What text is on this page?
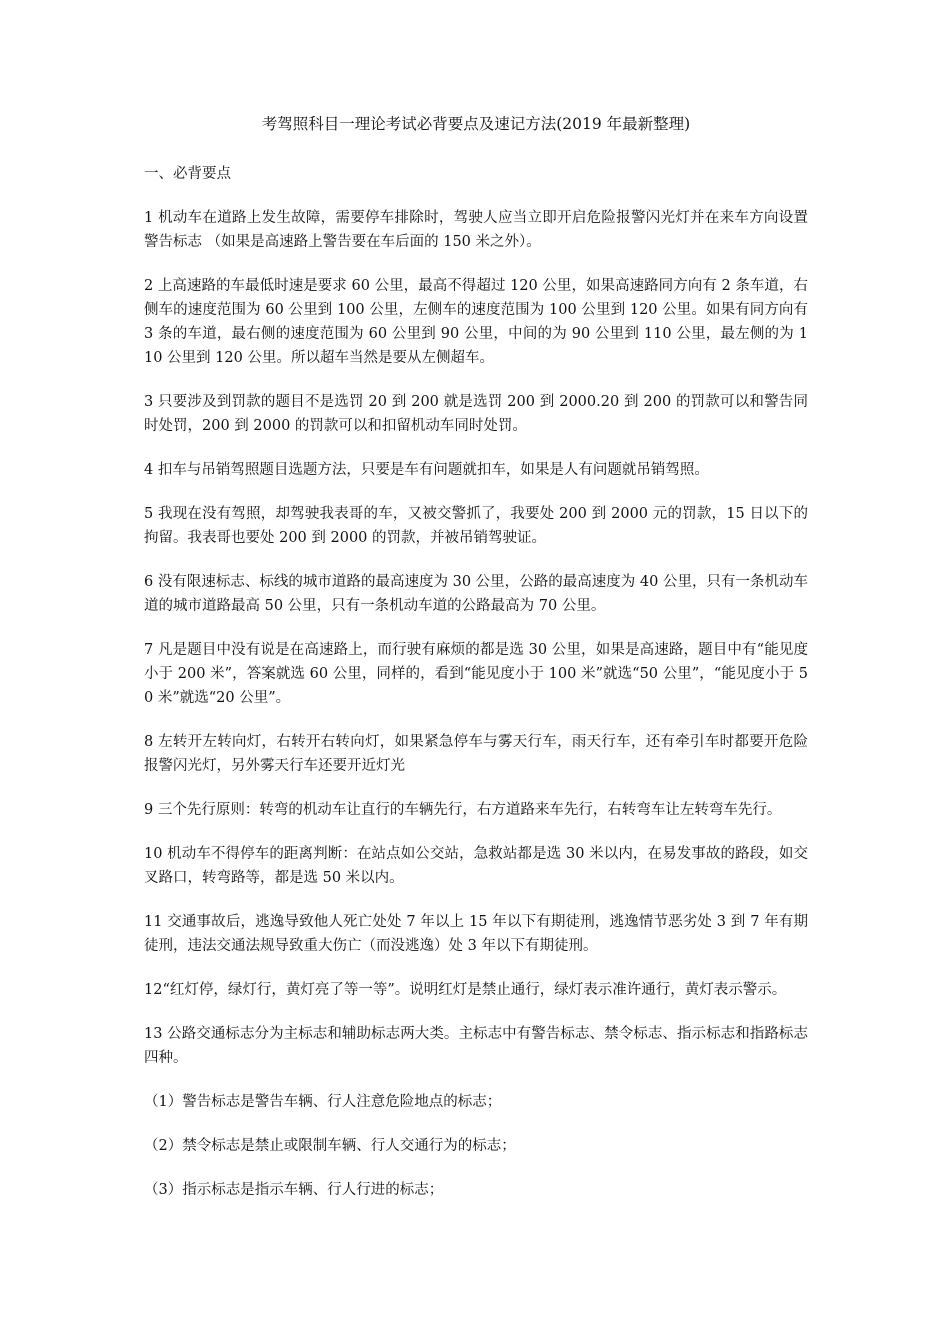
考驾照科目一理论考试必背要点及速记方法(2019 年最新整理)
一、必背要点
1 机动车在道路上发生故障，需要停车排除时，驾驶人应当立即开启危险报警闪光灯并在来车方向设置警告标志 （如果是高速路上警告要在车后面的 150 米之外）。
2 上高速路的车最低时速是要求 60 公里，最高不得超过 120 公里，如果高速路同方向有 2 条车道，右侧车的速度范围为 60 公里到 100 公里，左侧车的速度范围为 100 公里到 120 公里。如果有同方向有 3 条的车道，最右侧的速度范围为 60 公里到 90 公里，中间的为 90 公里到 110 公里，最左侧的为 110 公里到 120 公里。所以超车当然是要从左侧超车。
3 只要涉及到罚款的题目不是选罚 20 到 200 就是选罚 200 到 2000.20 到 200 的罚款可以和警告同时处罚，200 到 2000 的罚款可以和扣留机动车同时处罚。
4 扣车与吊销驾照题目选题方法，只要是车有问题就扣车，如果是人有问题就吊销驾照。
5 我现在没有驾照，却驾驶我表哥的车，又被交警抓了，我要处 200 到 2000 元的罚款，15 日以下的拘留。我表哥也要处 200 到 2000 的罚款，并被吊销驾驶证。
6 没有限速标志、标线的城市道路的最高速度为 30 公里，公路的最高速度为 40 公里，只有一条机动车道的城市道路最高 50 公里，只有一条机动车道的公路最高为 70 公里。
7 凡是题目中没有说是在高速路上，而行驶有麻烦的都是选 30 公里，如果是高速路，题目中有“能见度小于 200 米”，答案就选 60 公里，同样的，看到“能见度小于 100 米”就选“50 公里”，“能见度小于 50 米”就选“20 公里”。
8 左转开左转向灯，右转开右转向灯，如果紧急停车与雾天行车，雨天行车，还有牵引车时都要开危险报警闪光灯，另外雾天行车还要开近灯光
9 三个先行原则：转弯的机动车让直行的车辆先行，右方道路来车先行，右转弯车让左转弯车先行。
10 机动车不得停车的距离判断：在站点如公交站，急救站都是选 30 米以内，在易发事故的路段，如交叉路口，转弯路等，都是选 50 米以内。
11 交通事故后，逃逸导致他人死亡处处 7 年以上 15 年以下有期徒刑，逃逸情节恶劣处 3 到 7 年有期徒刑，违法交通法规导致重大伤亡（而没逃逸）处 3 年以下有期徒刑。
12“红灯停，绿灯行，黄灯亮了等一等”。说明红灯是禁止通行，绿灯表示准许通行，黄灯表示警示。
13 公路交通标志分为主标志和辅助标志两大类。主标志中有警告标志、禁令标志、指示标志和指路标志四种。
（1）警告标志是警告车辆、行人注意危险地点的标志；
（2）禁令标志是禁止或限制车辆、行人交通行为的标志；
（3）指示标志是指示车辆、行人行进的标志；
